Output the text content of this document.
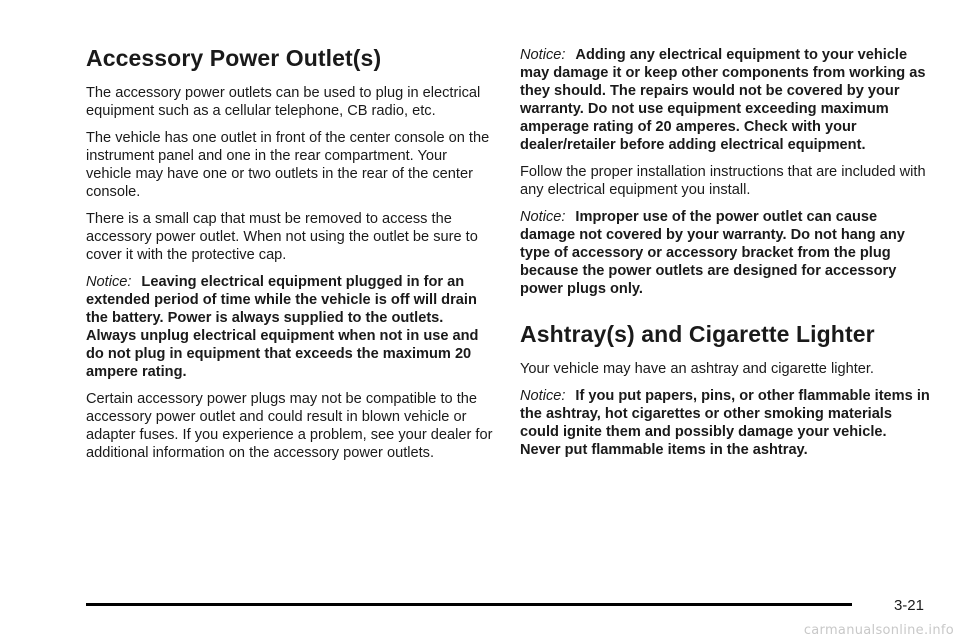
Accessory Power Outlet(s)

The accessory power outlets can be used to plug in electrical equipment such as a cellular telephone, CB radio, etc.

The vehicle has one outlet in front of the center console on the instrument panel and one in the rear compartment. Your vehicle may have one or two outlets in the rear of the center console.

There is a small cap that must be removed to access the accessory power outlet. When not using the outlet be sure to cover it with the protective cap.

Notice: Leaving electrical equipment plugged in for an extended period of time while the vehicle is off will drain the battery. Power is always supplied to the outlets. Always unplug electrical equipment when not in use and do not plug in equipment that exceeds the maximum 20 ampere rating.

Certain accessory power plugs may not be compatible to the accessory power outlet and could result in blown vehicle or adapter fuses. If you experience a problem, see your dealer for additional information on the accessory power outlets.

Notice: Adding any electrical equipment to your vehicle may damage it or keep other components from working as they should. The repairs would not be covered by your warranty. Do not use equipment exceeding maximum amperage rating of 20 amperes. Check with your dealer/retailer before adding electrical equipment.

Follow the proper installation instructions that are included with any electrical equipment you install.

Notice: Improper use of the power outlet can cause damage not covered by your warranty. Do not hang any type of accessory or accessory bracket from the plug because the power outlets are designed for accessory power plugs only.

Ashtray(s) and Cigarette Lighter

Your vehicle may have an ashtray and cigarette lighter.

Notice: If you put papers, pins, or other flammable items in the ashtray, hot cigarettes or other smoking materials could ignite them and possibly damage your vehicle. Never put flammable items in the ashtray.

3-21
carmanualsonline.info
